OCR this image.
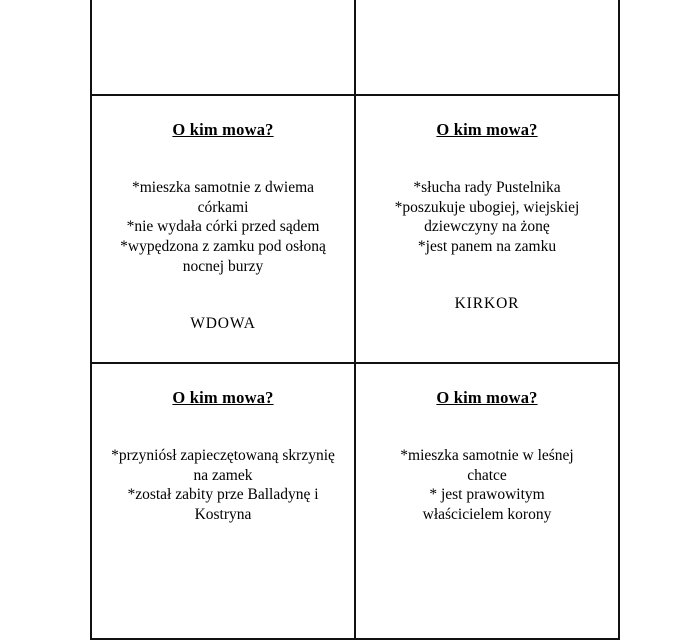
O kim mowa?
*mieszka samotnie z dwiema
córkami
*nie wydała córki przed sądem
*wypędzona z zamku pod osłoną
nocnej burzy
WDOWA

O kim mowa?
*słucha rady Pustelnika
*poszukuje ubogiej, wiejskiej
dziewczyny na żonę
*jest panem na zamku
KIRKOR

O kim mowa?
*przyniósł zapieczętowaną skrzynię
na zamek
*został zabity prze Balladynę i
Kostryna

O kim mowa?
*mieszka samotnie w leśnej
chatce
* jest prawowitym
właścicielem korony
